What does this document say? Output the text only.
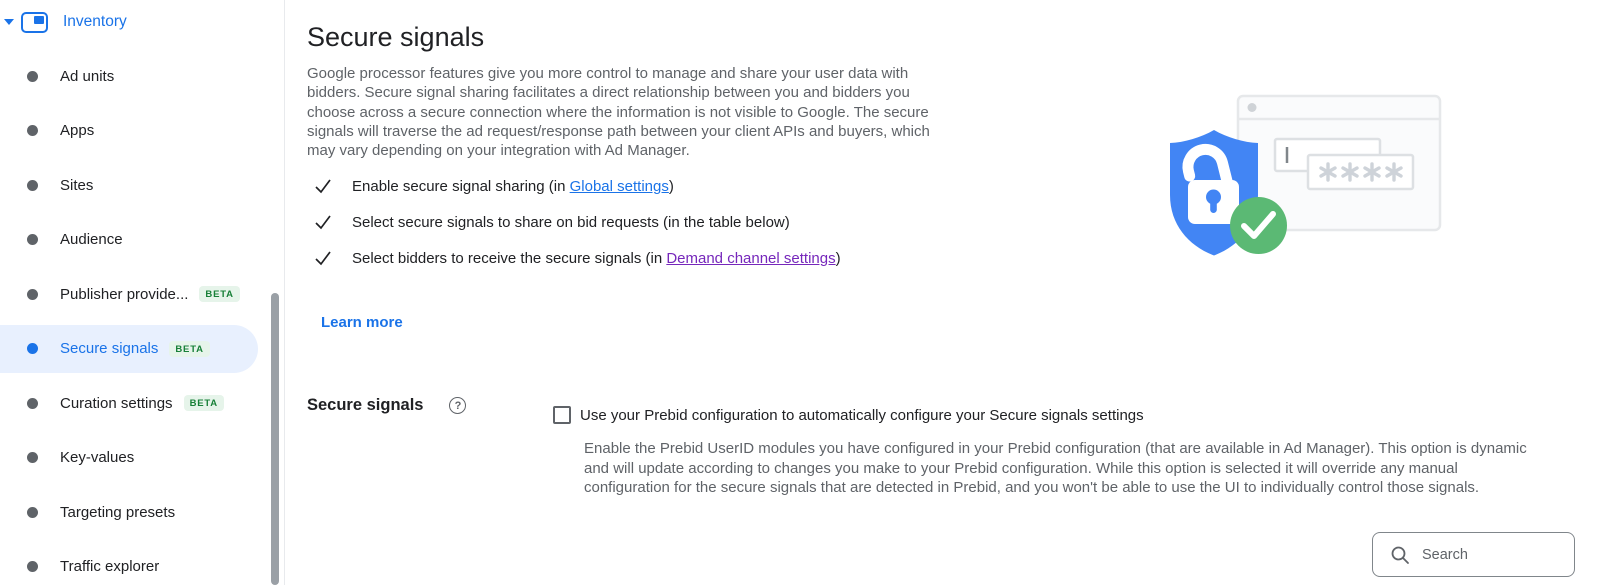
Inventory
Ad units
Apps
Sites
Audience
Publisher provide...	BETA
Secure signals	BETA
Curation settings	BETA
Key-values
Targeting presets
Traffic explorer
Secure signals

Google processor features give you more control to manage and share your user data with bidders. Secure signal sharing facilitates a direct relationship between you and bidders you choose across a secure connection where the information is not visible to Google. The secure signals will traverse the ad request/response path between your client APIs and buyers, which may vary depending on your integration with Ad Manager.

Enable secure signal sharing (in Global settings)
Select secure signals to share on bid requests (in the table below)
Select bidders to receive the secure signals (in Demand channel settings)
Learn more
Secure signals	?
Use your Prebid configuration to automatically configure your Secure signals settings

Enable the Prebid UserID modules you have configured in your Prebid configuration (that are available in Ad Manager). This option is dynamic and will update according to changes you make to your Prebid configuration. While this option is selected it will override any manual configuration for the secure signals that are detected in Prebid, and you won't be able to use the UI to individually control those signals.

Search
